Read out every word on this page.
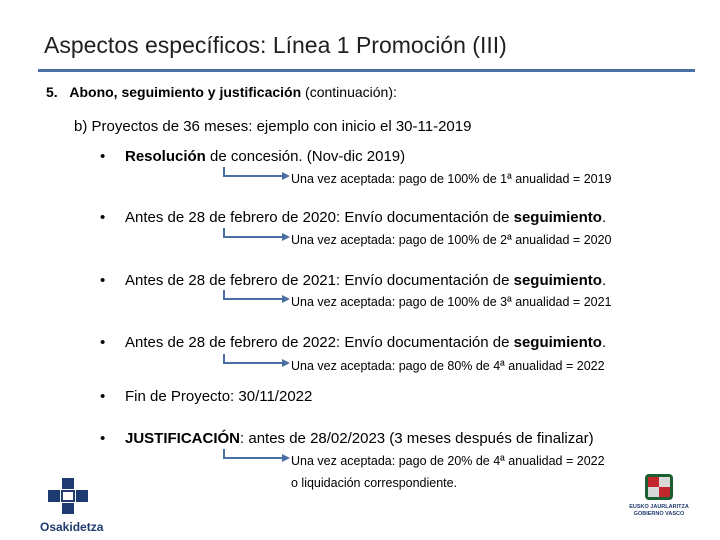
Aspectos específicos: Línea 1 Promoción (III)
5. Abono, seguimiento y justificación (continuación):
b) Proyectos de 36 meses: ejemplo con inicio el 30-11-2019
• Resolución de concesión. (Nov-dic 2019)
Una vez aceptada: pago de 100% de 1ª anualidad = 2019
• Antes de 28 de febrero de 2020: Envío documentación de seguimiento.
Una vez aceptada: pago de 100% de 2ª anualidad = 2020
• Antes de 28 de febrero de 2021: Envío documentación de seguimiento.
Una vez aceptada: pago de 100% de 3ª anualidad = 2021
• Antes de 28 de febrero de 2022: Envío documentación de seguimiento.
Una vez aceptada: pago de 80% de 4ª anualidad = 2022
• Fin de Proyecto: 30/11/2022
• JUSTIFICACIÓN: antes de 28/02/2023 (3 meses después de finalizar)
Una vez aceptada: pago de 20% de 4ª anualidad = 2022
o liquidación correspondiente.
Osakidetza
EUSKO JAURLARITZA GOBIERNO VASCO
